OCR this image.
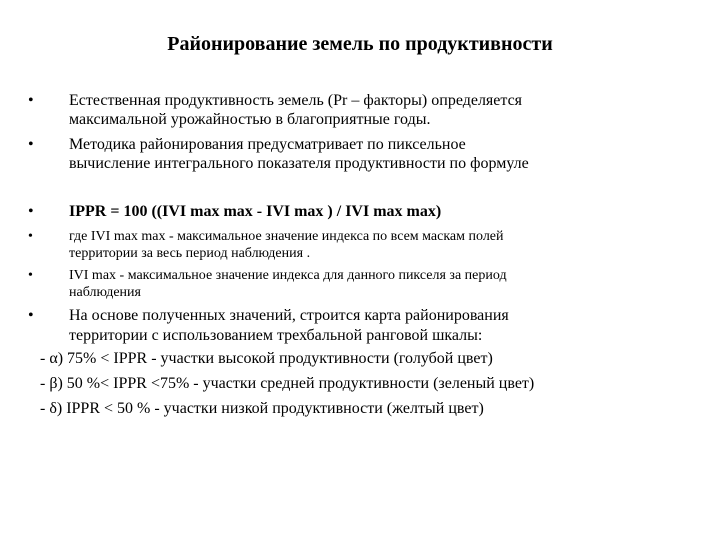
Районирование земель по продуктивности
• Естественная продуктивность земель (Pr – факторы) определяется
максимальной урожайностью в благоприятные годы.
• Методика районирования предусматривает по пиксельное
вычисление интегрального показателя продуктивности по формуле
• IPPR = 100 ((IVI max max - IVI max ) / IVI max max)
•	где IVI max max - максимальное значение индекса по всем маскам полей
территории за весь период наблюдения .
•	IVI max - максимальное значение индекса для данного пикселя за период
наблюдения
• На основе полученных значений, строится карта районирования
территории с использованием трехбальной ранговой шкалы:
- α) 75% < IPPR - участки высокой продуктивности (голубой цвет)
- β) 50 %< IPPR <75% - участки средней продуктивности (зеленый цвет)
- δ) IPPR < 50 % - участки низкой продуктивности (желтый цвет)
